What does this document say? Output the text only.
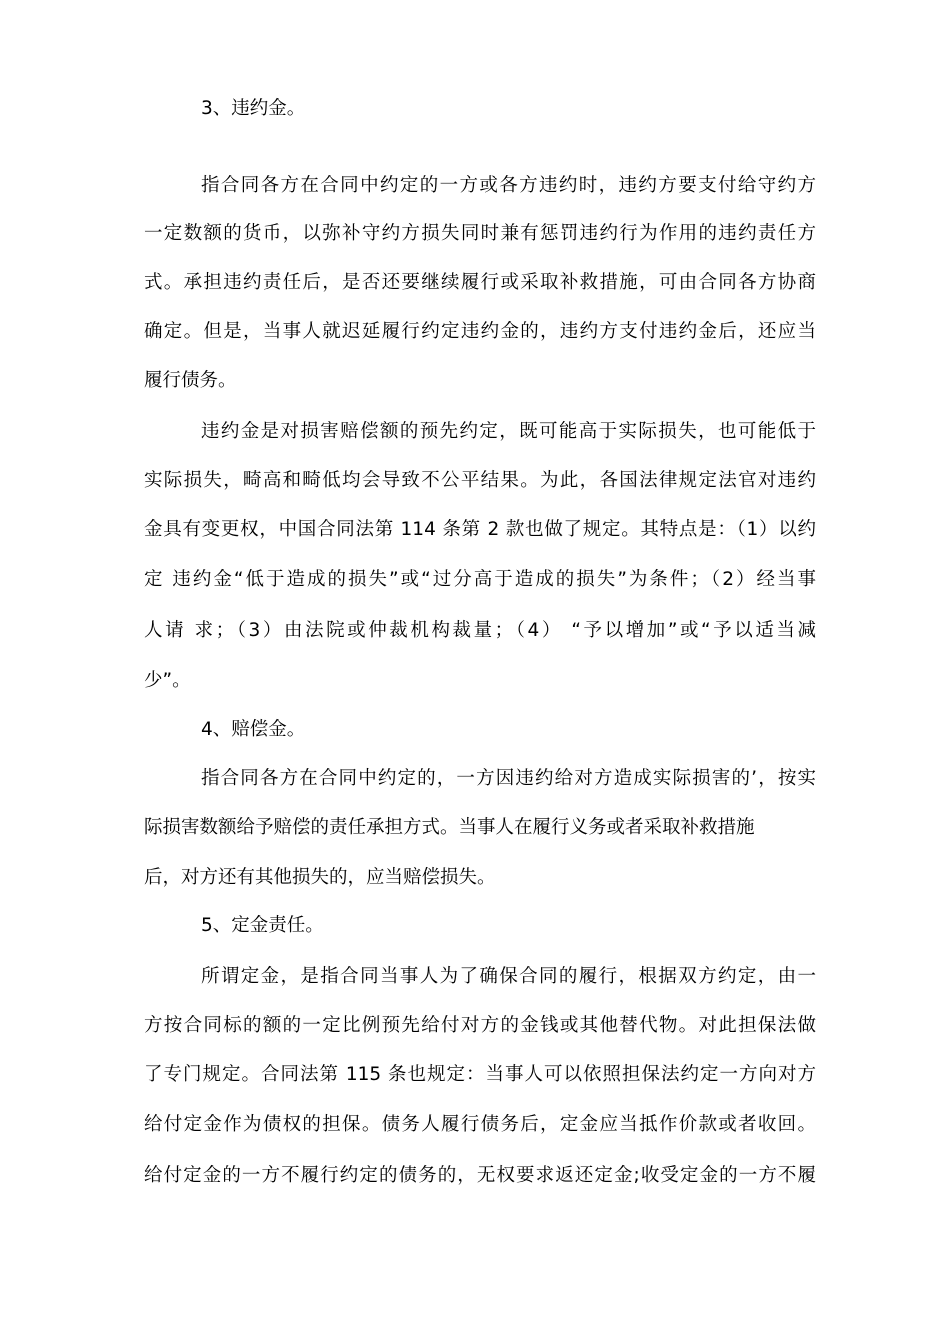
3、违约金。
指合同各方在合同中约定的一方或各方违约时，违约方要支付给守约方
一定数额的货币，以弥补守约方损失同时兼有惩罚违约行为作用的违约责任方
式。承担违约责任后，是否还要继续履行或采取补救措施，可由合同各方协商
确定。但是，当事人就迟延履行约定违约金的，违约方支付违约金后，还应当
履行债务。
违约金是对损害赔偿额的预先约定，既可能高于实际损失，也可能低于
实际损失，畸高和畸低均会导致不公平结果。为此，各国法律规定法官对违约
金具有变更权，中国合同法第 114 条第 2 款也做了规定。其特点是：（1）以约
定 违约金“低于造成的损失”或“过分高于造成的损失”为条件；（2）经当事
人请 求；（3）由法院或仲裁机构裁量；（4） “予以增加”或“予以适当减
少”。
4、赔偿金。
指合同各方在合同中约定的，一方因违约给对方造成实际损害的’，按实
际损害数额给予赔偿的责任承担方式。当事人在履行义务或者采取补救措施
后，对方还有其他损失的，应当赔偿损失。
5、定金责任。
所谓定金，是指合同当事人为了确保合同的履行，根据双方约定，由一
方按合同标的额的一定比例预先给付对方的金钱或其他替代物。对此担保法做
了专门规定。合同法第 115 条也规定：当事人可以依照担保法约定一方向对方
给付定金作为债权的担保。债务人履行债务后，定金应当抵作价款或者收回。
给付定金的一方不履行约定的债务的，无权要求返还定金;收受定金的一方不履
